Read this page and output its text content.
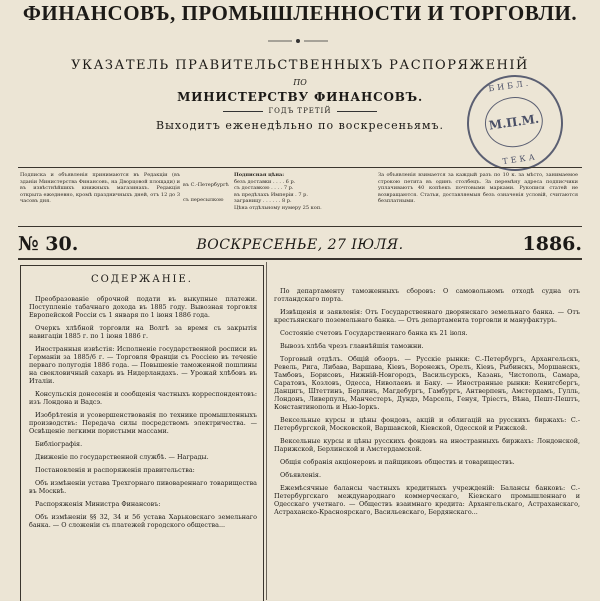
ФИНАНСОВЪ, ПРОМЫШЛЕННОСТИ И ТОРГОВЛИ.
УКАЗАТЕЛЬ ПРАВИТЕЛЬСТВЕННЫХЪ РАСПОРЯЖЕНІЙ
ПО
МИНИСТЕРСТВУ ФИНАНСОВЪ.
ГОДЪ ТРЕТІЙ
Выходитъ еженедѣльно по воскресеньямъ.
БИБЛ.
М.П.М.
ТЕКА
Подписка и объявленія принимаются въ Редакціи (въ зданіи Министерства Финансовъ, на Дворцовой площади) и въ извѣстнѣйшихъ книжныхъ магазинахъ. Редакція открыта ежедневно, кромѣ праздничныхъ дней, отъ 12 до 3 часовъ дня.
въ С.-Петербургѣ
съ пересылкою
Подписная цѣна:
безъ доставки . . . . 6 р.
съ доставкою . . . . 7 р.
въ предѣлахъ Имперіи . 7 р.
заграницу . . . . . . 8 р.
Цѣна отдѣльному нумеру 25 коп.
За объявленія взимается за каждый разъ по 10 к. за мѣсто, занимаемое строкою петита въ одинъ столбецъ. За перемѣну адреса подписчики уплачиваютъ 40 копѣекъ почтовыми марками. Рукописи статей не возвращаются. Статьи, доставляемыя безъ означенія условій, считаются безплатными.
№ 30.	ВОСКРЕСЕНЬЕ, 27 ІЮЛЯ.	1886.
СОДЕРЖАНІЕ.
Преобразованіе оброчной подати въ выкупные платежи. Поступленіе табачнаго дохода въ 1885 году. Вывозная торговля Европейской Россіи съ 1 января по 1 іюня 1886 года.
Очеркъ хлѣбной торговли на Волгѣ за время съ закрытія навигаціи 1885 г. по 1 іюня 1886 г.
Иностранныя извѣстія: Исполненіе государственной росписи въ Германіи за 1885/6 г. — Торговля Франціи съ Россіею въ теченіе перваго полугодія 1886 года. — Повышеніе таможенной пошлины на свекловичный сахаръ въ Нидерландахъ. — Урожай хлѣбовъ въ Италіи.
Консульскія донесенія и сообщенія частныхъ корреспондентовъ: изъ Лондона и Вадсэ.
Изобрѣтенія и усовершенствованія по технике промышленныхъ производствъ: Передача силы посредствомъ электричества. — Освѣщеніе легкими пористыми массами.
Библіографія.
Движеніе по государственной службѣ. — Награды.
Постановленія и распоряженія правительства:
Объ измѣненіи устава Трехгорнаго пивовареннаго товарищества въ Москвѣ.
Распоряженія Министра Финансовъ:
Объ измѣненіи §§ 32, 34 и 56 устава Харьковскаго земельнаго банка. — О сложеніи съ платежей городского общества...
По департаменту таможенныхъ сборовъ: О самовольномъ отходѣ судна отъ готландскаго порта.
Извѣщенія и заявленія: Отъ Государственнаго дворянскаго земельнаго банка. — Отъ крестьянскаго поземельнаго банка. — Отъ департамента торговли и мануфактуръ.
Состояніе счетовъ Государственнаго банка къ 21 іюля.
Вывозъ хлѣба чрезъ главнѣйшія таможни.
Торговый отдѣлъ. Общій обзоръ. — Русскіе рынки: С.-Петербургъ, Архангельскъ, Ревель, Рига, Либава, Варшава, Кіевъ, Воронежъ, Орелъ, Кіевъ, Рыбинскъ, Моршанскъ, Тамбовъ, Борисовъ, Нижній-Новгородъ, Васильсурскъ, Казань, Чистополь, Самара, Саратовъ, Козловъ, Одесса, Ниволаевъ и Баку. — Иностранные рынки: Кенигсбергъ, Данцигъ, Штеттинъ, Берлинъ, Магдебургъ, Гамбургъ, Антверпенъ, Амстердамъ, Гулль, Лондонъ, Ливерпуль, Манчестеръ, Дундэ, Марсель, Генуя, Тріестъ, Вѣна, Пешт-Пештъ, Константинополь и Нью-Іоркъ.
Вексельные курсы и цѣны фондовъ, акцій и облигацій на русскихъ биржахъ: С.-Петербургской, Московской, Варшавской, Кіевской, Одесской и Рижской.
Вексельные курсы и цѣны русскихъ фондовъ на иностранныхъ биржахъ: Лондонской, Парижской, Берлинской и Амстердамской.
Общія собранія акціонеровъ и пайщиковъ обществъ и товариществъ.
Объявленія.
Ежемѣсячные балансы частныхъ кредитныхъ учрежденій: Балансы банковъ: С.-Петербургскаго международнаго коммерческаго, Кіевскаго промышленнаго и Одесскаго учетнаго. — Обществъ взаимнаго кредита: Архангельскаго, Астраханскаго, Астраханско-Красноярскаго, Васильевскаго, Бердянскаго...
